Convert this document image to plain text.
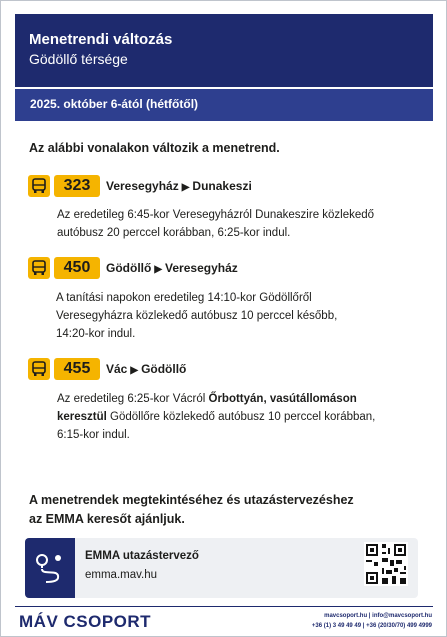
Menetrendi változás
Gödöllő térsége
2025. október 6-ától (hétfőtől)
Az alábbi vonalakon változik a menetrend.
323	Veresegyház ▶ Dunakeszi
Az eredetileg 6:45-kor Veresegyházról Dunakeszire közlekedő
autóbusz 20 perccel korábban, 6:25-kor indul.
450	Gödöllő ▶ Veresegyház
A tanítási napokon eredetileg 14:10-kor Gödöllőről
Veresegyházra közlekedő autóbusz 10 perccel később,
14:20-kor indul.
455	Vác ▶ Gödöllő
Az eredetileg 6:25-kor Vácról Őrbottyán, vasútállomáson
keresztül Gödöllőre közlekedő autóbusz 10 perccel korábban,
6:15-kor indul.
A menetrendek megtekintéséhez és utazástervezéshez
az EMMA keresőt ajánljuk.
EMMA utazástervező
emma.mav.hu
MÁV CSOPORT	mavcsoport.hu | info@mavcsoport.hu
+36 (1) 3 49 49 49 | +36 (20/30/70) 499 4999
